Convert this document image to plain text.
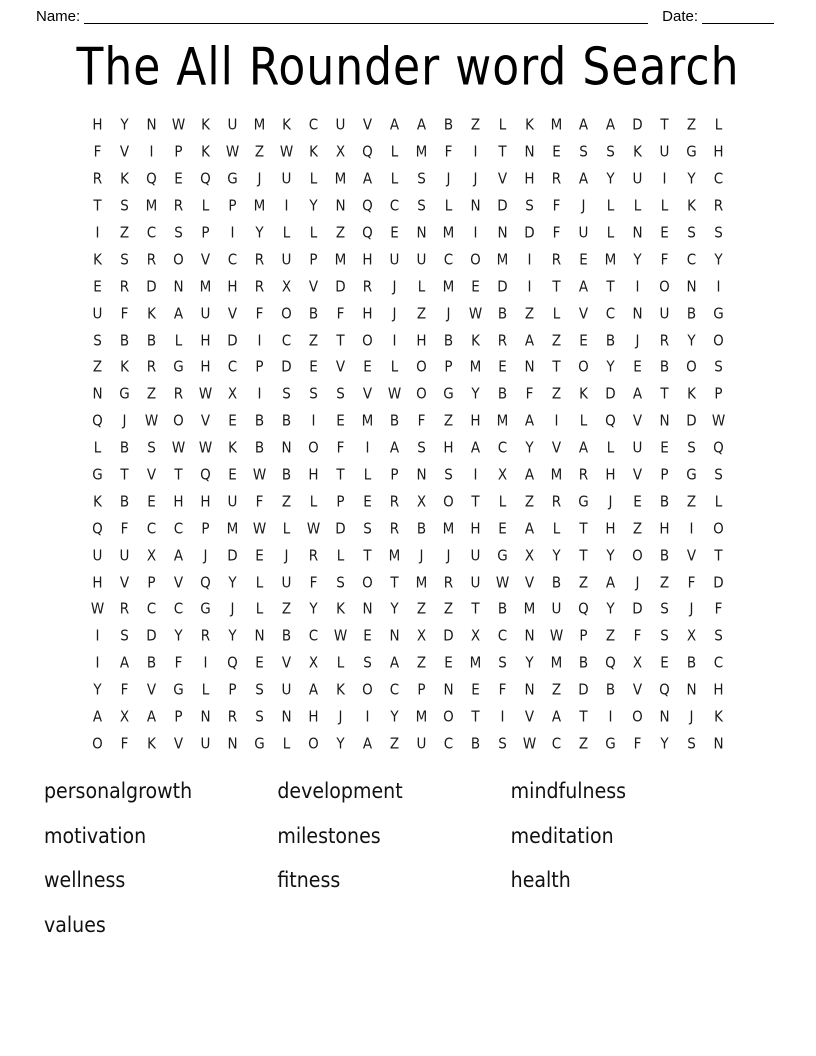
Name:	Date:
The All Rounder word Search
H	Y	N	W	K	U	M	K	C	U	V	A	A	B	Z	L	K	M	A	A	D	T	Z	L
F	V	I	P	K	W	Z	W	K	X	Q	L	M	F	I	T	N	E	S	S	K	U	G	H
R	K	Q	E	Q	G	J	U	L	M	A	L	S	J	J	V	H	R	A	Y	U	I	Y	C
T	S	M	R	L	P	M	I	Y	N	Q	C	S	L	N	D	S	F	J	L	L	L	K	R
I	Z	C	S	P	I	Y	L	L	Z	Q	E	N	M	I	N	D	F	U	L	N	E	S	S
K	S	R	O	V	C	R	U	P	M	H	U	U	C	O	M	I	R	E	M	Y	F	C	Y
E	R	D	N	M	H	R	X	V	D	R	J	L	M	E	D	I	T	A	T	I	O	N	I
U	F	K	A	U	V	F	O	B	F	H	J	Z	J	W	B	Z	L	V	C	N	U	B	G
S	B	B	L	H	D	I	C	Z	T	O	I	H	B	K	R	A	Z	E	B	J	R	Y	O
Z	K	R	G	H	C	P	D	E	V	E	L	O	P	M	E	N	T	O	Y	E	B	O	S
N	G	Z	R	W	X	I	S	S	S	V	W	O	G	Y	B	F	Z	K	D	A	T	K	P
Q	J	W	O	V	E	B	B	I	E	M	B	F	Z	H	M	A	I	L	Q	V	N	D	W
L	B	S	W	W	K	B	N	O	F	I	A	S	H	A	C	Y	V	A	L	U	E	S	Q
G	T	V	T	Q	E	W	B	H	T	L	P	N	S	I	X	A	M	R	H	V	P	G	S
K	B	E	H	H	U	F	Z	L	P	E	R	X	O	T	L	Z	R	G	J	E	B	Z	L
Q	F	C	C	P	M	W	L	W	D	S	R	B	M	H	E	A	L	T	H	Z	H	I	O
U	U	X	A	J	D	E	J	R	L	T	M	J	J	U	G	X	Y	T	Y	O	B	V	T
H	V	P	V	Q	Y	L	U	F	S	O	T	M	R	U	W	V	B	Z	A	J	Z	F	D
W	R	C	C	G	J	L	Z	Y	K	N	Y	Z	Z	T	B	M	U	Q	Y	D	S	J	F
I	S	D	Y	R	Y	N	B	C	W	E	N	X	D	X	C	N	W	P	Z	F	S	X	S
I	A	B	F	I	Q	E	V	X	L	S	A	Z	E	M	S	Y	M	B	Q	X	E	B	C
Y	F	V	G	L	P	S	U	A	K	O	C	P	N	E	F	N	Z	D	B	V	Q	N	H
A	X	A	P	N	R	S	N	H	J	I	Y	M	O	T	I	V	A	T	I	O	N	J	K
O	F	K	V	U	N	G	L	O	Y	A	Z	U	C	B	S	W	C	Z	G	F	Y	S	N
personalgrowth	development	mindfulness
motivation	milestones	meditation
wellness	fitness	health
values
